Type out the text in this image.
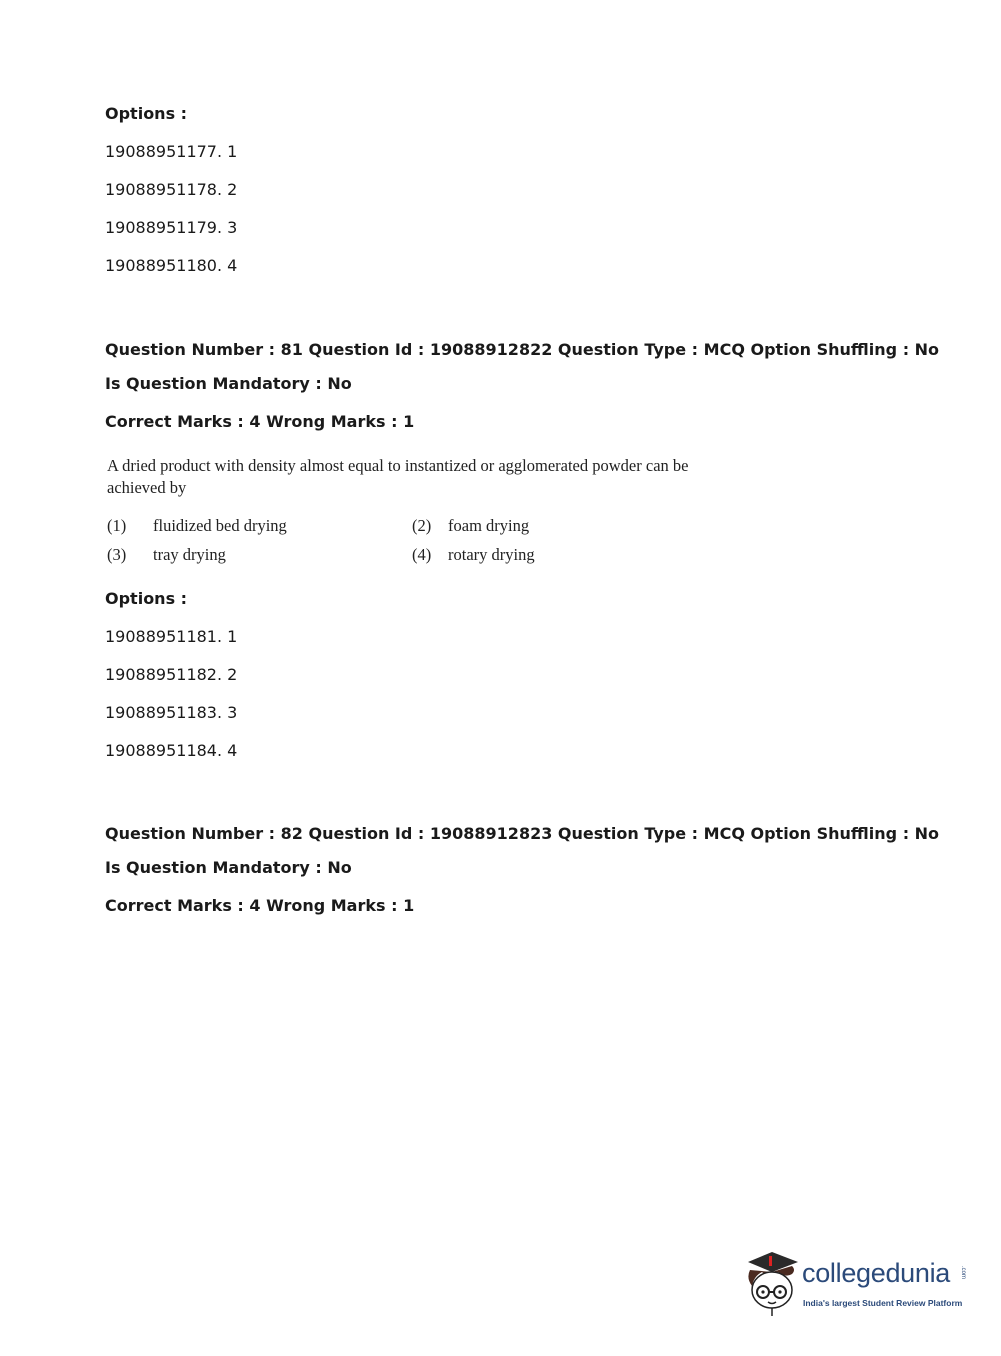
Options :
19088951177. 1
19088951178. 2
19088951179. 3
19088951180. 4
Question Number : 81 Question Id : 19088912822 Question Type : MCQ Option Shuffling : No
Is Question Mandatory : No
Correct Marks : 4 Wrong Marks : 1
A dried product with density almost equal to instantized or agglomerated powder can be
achieved by
(1) fluidized bed drying	(2) foam drying
(3) tray drying	(4) rotary drying
Options :
19088951181. 1
19088951182. 2
19088951183. 3
19088951184. 4
Question Number : 82 Question Id : 19088912823 Question Type : MCQ Option Shuffling : No
Is Question Mandatory : No
Correct Marks : 4 Wrong Marks : 1
collegedunia .com
India's largest Student Review Platform
